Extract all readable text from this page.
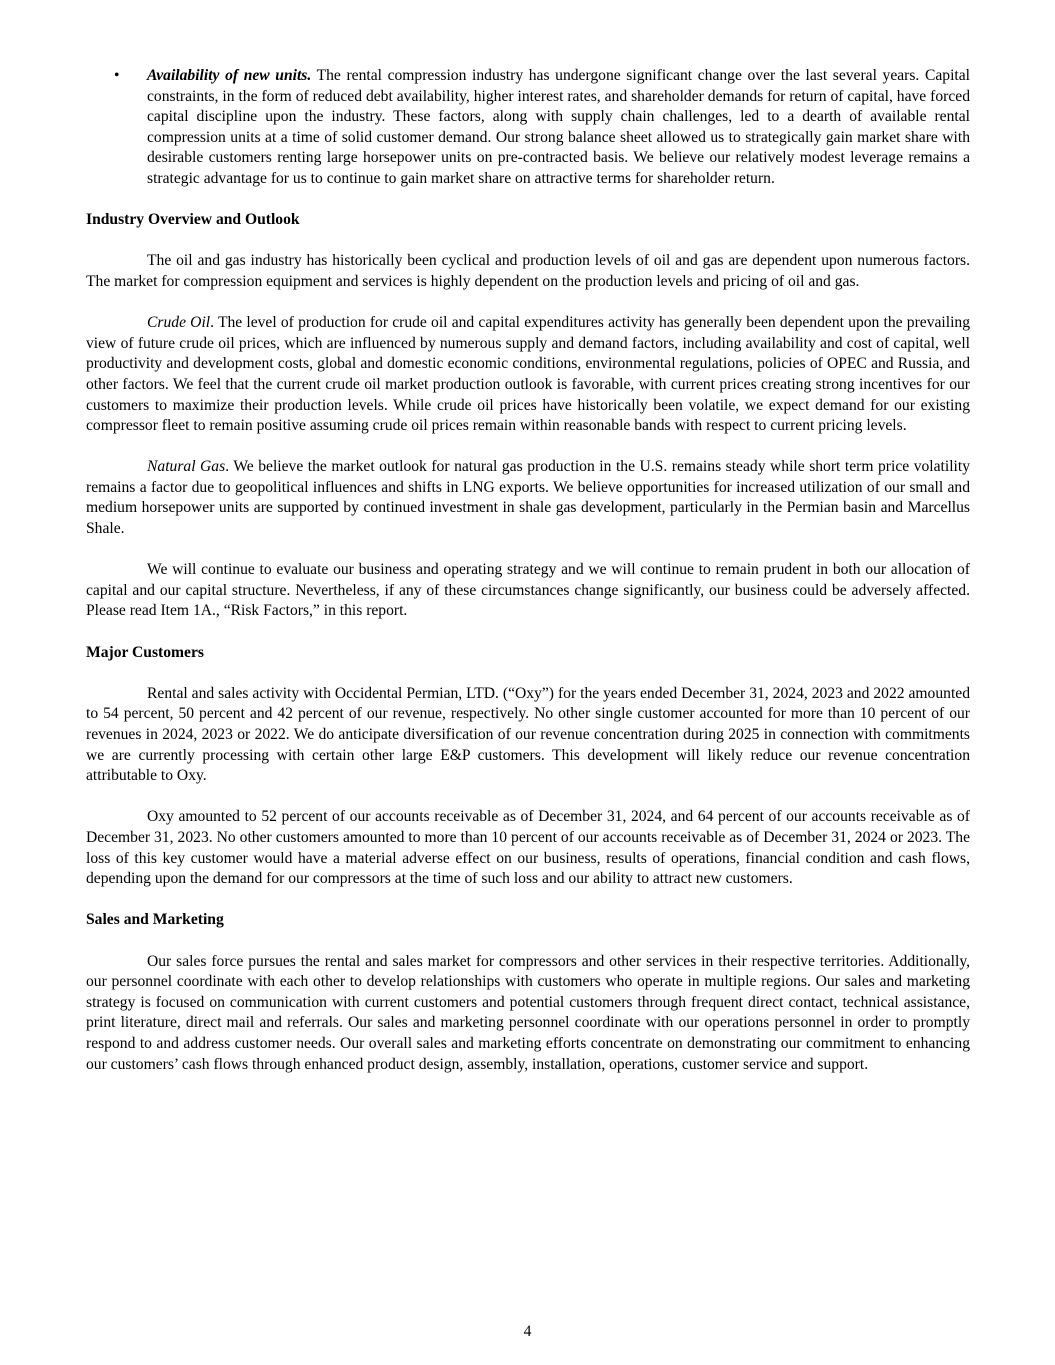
• Availability of new units. The rental compression industry has undergone significant change over the last several years. Capital constraints, in the form of reduced debt availability, higher interest rates, and shareholder demands for return of capital, have forced capital discipline upon the industry. These factors, along with supply chain challenges, led to a dearth of available rental compression units at a time of solid customer demand. Our strong balance sheet allowed us to strategically gain market share with desirable customers renting large horsepower units on pre-contracted basis. We believe our relatively modest leverage remains a strategic advantage for us to continue to gain market share on attractive terms for shareholder return.

Industry Overview and Outlook

The oil and gas industry has historically been cyclical and production levels of oil and gas are dependent upon numerous factors. The market for compression equipment and services is highly dependent on the production levels and pricing of oil and gas.

Crude Oil. The level of production for crude oil and capital expenditures activity has generally been dependent upon the prevailing view of future crude oil prices, which are influenced by numerous supply and demand factors, including availability and cost of capital, well productivity and development costs, global and domestic economic conditions, environmental regulations, policies of OPEC and Russia, and other factors. We feel that the current crude oil market production outlook is favorable, with current prices creating strong incentives for our customers to maximize their production levels. While crude oil prices have historically been volatile, we expect demand for our existing compressor fleet to remain positive assuming crude oil prices remain within reasonable bands with respect to current pricing levels.

Natural Gas. We believe the market outlook for natural gas production in the U.S. remains steady while short term price volatility remains a factor due to geopolitical influences and shifts in LNG exports. We believe opportunities for increased utilization of our small and medium horsepower units are supported by continued investment in shale gas development, particularly in the Permian basin and Marcellus Shale.

We will continue to evaluate our business and operating strategy and we will continue to remain prudent in both our allocation of capital and our capital structure. Nevertheless, if any of these circumstances change significantly, our business could be adversely affected. Please read Item 1A., “Risk Factors,” in this report.

Major Customers

Rental and sales activity with Occidental Permian, LTD. (“Oxy”) for the years ended December 31, 2024, 2023 and 2022 amounted to 54 percent, 50 percent and 42 percent of our revenue, respectively. No other single customer accounted for more than 10 percent of our revenues in 2024, 2023 or 2022. We do anticipate diversification of our revenue concentration during 2025 in connection with commitments we are currently processing with certain other large E&P customers. This development will likely reduce our revenue concentration attributable to Oxy.

Oxy amounted to 52 percent of our accounts receivable as of December 31, 2024, and 64 percent of our accounts receivable as of December 31, 2023. No other customers amounted to more than 10 percent of our accounts receivable as of December 31, 2024 or 2023. The loss of this key customer would have a material adverse effect on our business, results of operations, financial condition and cash flows, depending upon the demand for our compressors at the time of such loss and our ability to attract new customers.

Sales and Marketing

Our sales force pursues the rental and sales market for compressors and other services in their respective territories. Additionally, our personnel coordinate with each other to develop relationships with customers who operate in multiple regions. Our sales and marketing strategy is focused on communication with current customers and potential customers through frequent direct contact, technical assistance, print literature, direct mail and referrals. Our sales and marketing personnel coordinate with our operations personnel in order to promptly respond to and address customer needs. Our overall sales and marketing efforts concentrate on demonstrating our commitment to enhancing our customers’ cash flows through enhanced product design, assembly, installation, operations, customer service and support.

4
